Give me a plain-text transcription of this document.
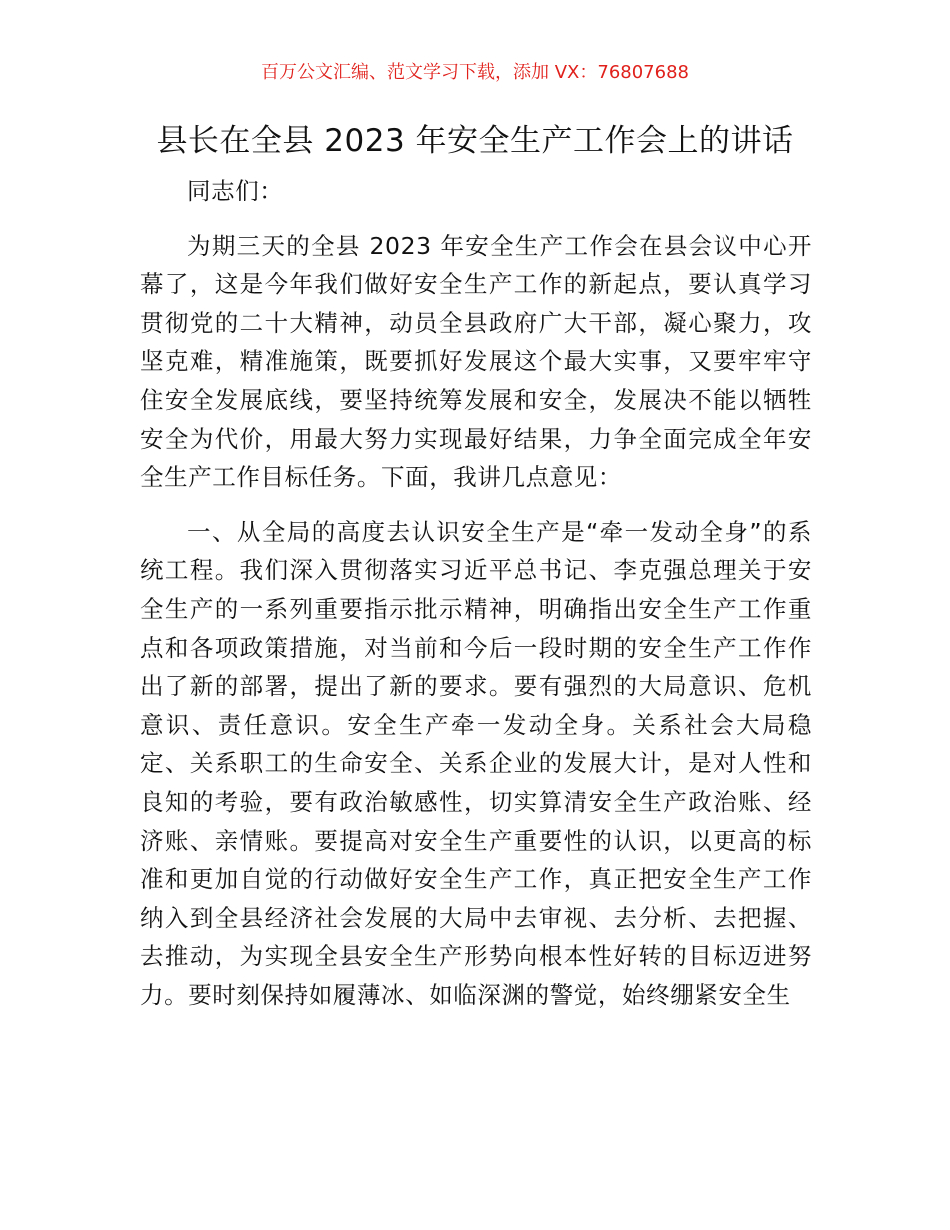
百万公文汇编、范文学习下载，添加 VX：76807688
县长在全县 2023 年安全生产工作会上的讲话

同志们：

为期三天的全县 2023 年安全生产工作会在县会议中心开幕了，这是今年我们做好安全生产工作的新起点，要认真学习贯彻党的二十大精神，动员全县政府广大干部，凝心聚力，攻坚克难，精准施策，既要抓好发展这个最大实事，又要牢牢守住安全发展底线，要坚持统筹发展和安全，发展决不能以牺牲安全为代价，用最大努力实现最好结果，力争全面完成全年安全生产工作目标任务。下面，我讲几点意见：

一、从全局的高度去认识安全生产是“牵一发动全身”的系统工程。我们深入贯彻落实习近平总书记、李克强总理关于安全生产的一系列重要指示批示精神，明确指出安全生产工作重点和各项政策措施，对当前和今后一段时期的安全生产工作作出了新的部署，提出了新的要求。要有强烈的大局意识、危机意识、责任意识。安全生产牵一发动全身。关系社会大局稳定、关系职工的生命安全、关系企业的发展大计，是对人性和良知的考验，要有政治敏感性，切实算清安全生产政治账、经济账、亲情账。要提高对安全生产重要性的认识，以更高的标准和更加自觉的行动做好安全生产工作，真正把安全生产工作纳入到全县经济社会发展的大局中去审视、去分析、去把握、去推动，为实现全县安全生产形势向根本性好转的目标迈进努力。要时刻保持如履薄冰、如临深渊的警觉，始终绷紧安全生
